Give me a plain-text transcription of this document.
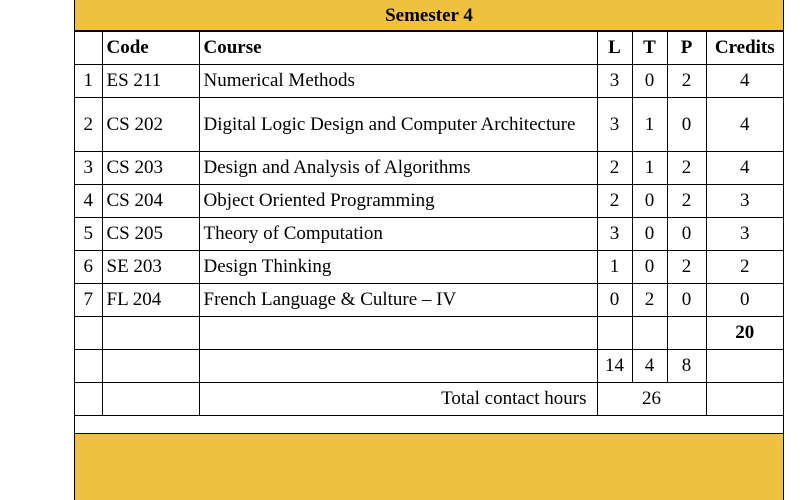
Semester 4
	Code	Course	L	T	P	Credits
1	ES 211	Numerical Methods	3	0	2	4
2	CS 202	Digital Logic Design and Computer Architecture	3	1	0	4
3	CS 203	Design and Analysis of Algorithms	2	1	2	4
4	CS 204	Object Oriented Programming	2	0	2	3
5	CS 205	Theory of Computation	3	0	0	3
6	SE 203	Design Thinking	1	0	2	2
7	FL 204	French Language & Culture – IV	0	2	0	0
						20
			14	4	8	
		Total contact hours	26			
